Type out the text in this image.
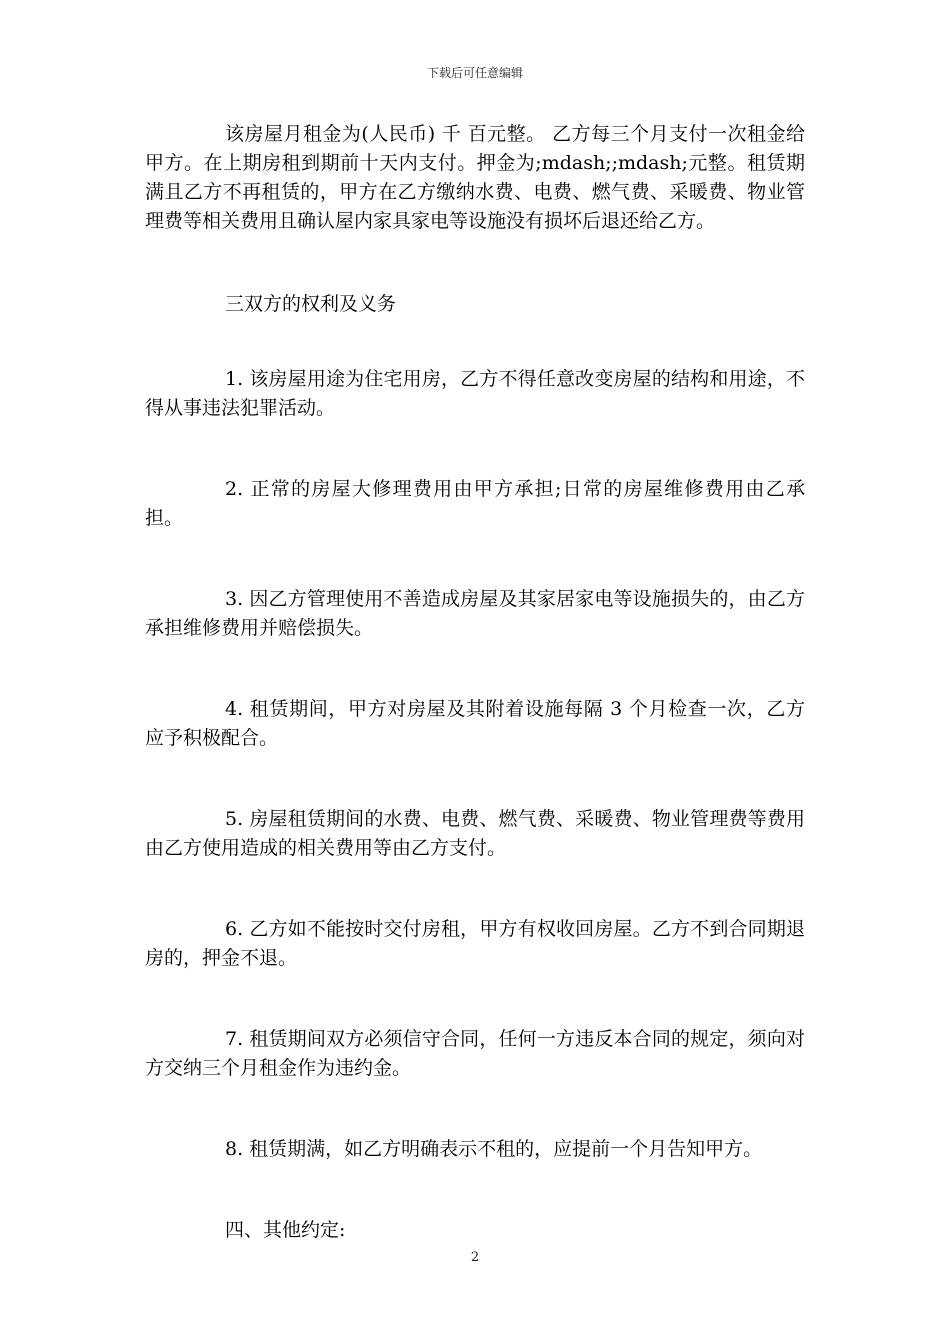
下载后可任意编辑

该房屋月租金为(人民币) 千 百元整。 乙方每三个月支付一次租金给甲方。在上期房租到期前十天内支付。押金为;mdash;;mdash;元整。租赁期满且乙方不再租赁的，甲方在乙方缴纳水费、电费、燃气费、采暖费、物业管理费等相关费用且确认屋内家具家电等设施没有损坏后退还给乙方。

三双方的权利及义务

1. 该房屋用途为住宅用房，乙方不得任意改变房屋的结构和用途，不得从事违法犯罪活动。

2. 正常的房屋大修理费用由甲方承担;日常的房屋维修费用由乙承担。

3. 因乙方管理使用不善造成房屋及其家居家电等设施损失的，由乙方承担维修费用并赔偿损失。

4. 租赁期间，甲方对房屋及其附着设施每隔 3 个月检查一次，乙方应予积极配合。

5. 房屋租赁期间的水费、电费、燃气费、采暖费、物业管理费等费用由乙方使用造成的相关费用等由乙方支付。

6. 乙方如不能按时交付房租，甲方有权收回房屋。乙方不到合同期退房的，押金不退。

7. 租赁期间双方必须信守合同，任何一方违反本合同的规定，须向对方交纳三个月租金作为违约金。

8. 租赁期满，如乙方明确表示不租的，应提前一个月告知甲方。

四、其他约定:

2
